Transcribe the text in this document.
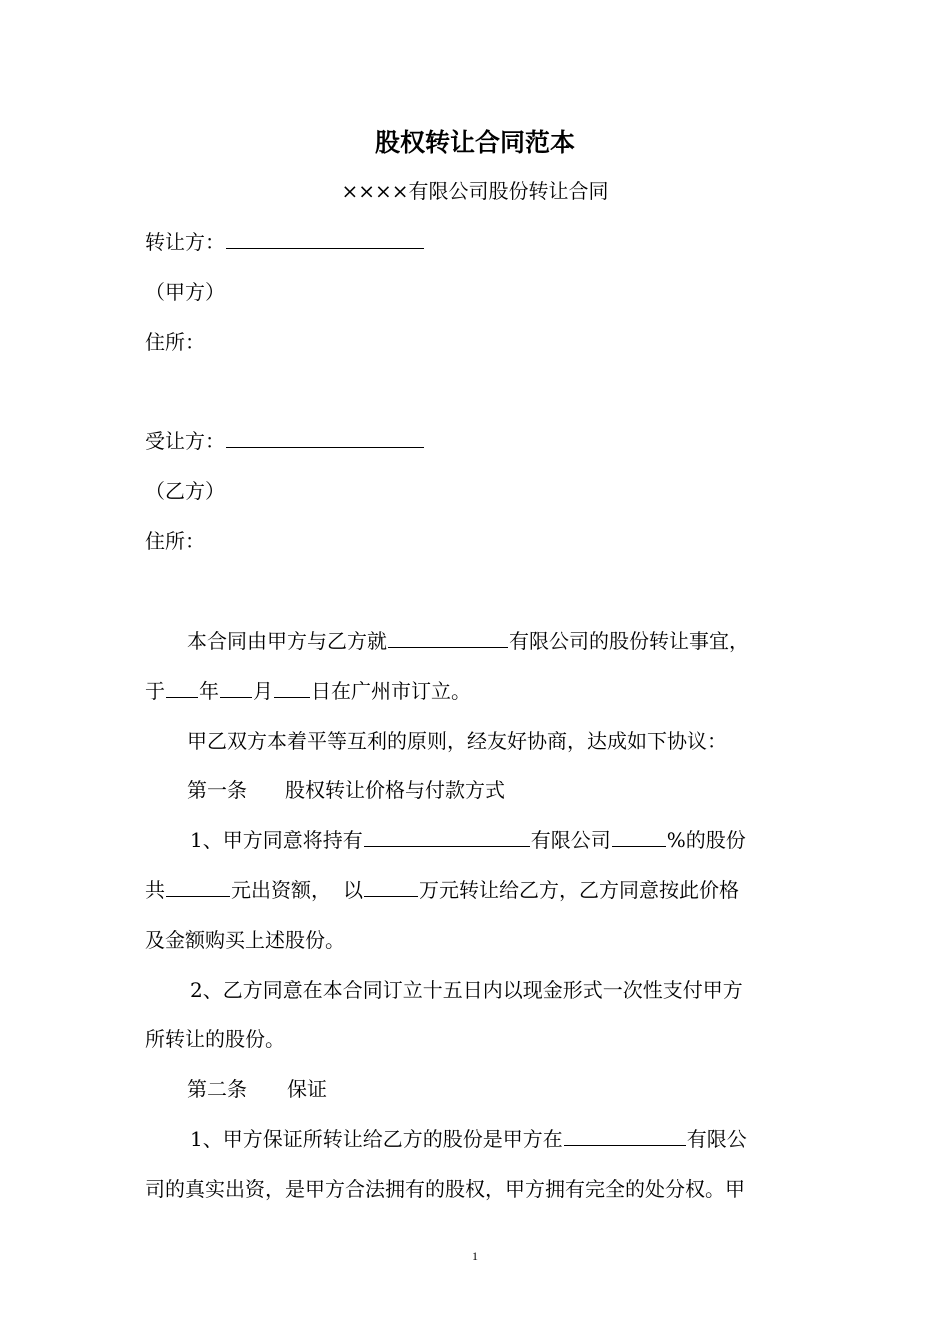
股权转让合同范本
××××有限公司股份转让合同
转让方：
（甲方）
住所：
受让方：
（乙方）
住所：
本合同由甲方与乙方就	有限公司的股份转让事宜，
于 年 月 日在广州市订立。
甲乙双方本着平等互利的原则，经友好协商，达成如下协议：
第一条 股权转让价格与付款方式
1、甲方同意将持有	有限公司	%的股份
共	元出资额， 以	万元转让给乙方，乙方同意按此价格
及金额购买上述股份。
2、乙方同意在本合同订立十五日内以现金形式一次性支付甲方
所转让的股份。
第二条 保证
1、甲方保证所转让给乙方的股份是甲方在	有限公
司的真实出资，是甲方合法拥有的股权，甲方拥有完全的处分权。甲
1
